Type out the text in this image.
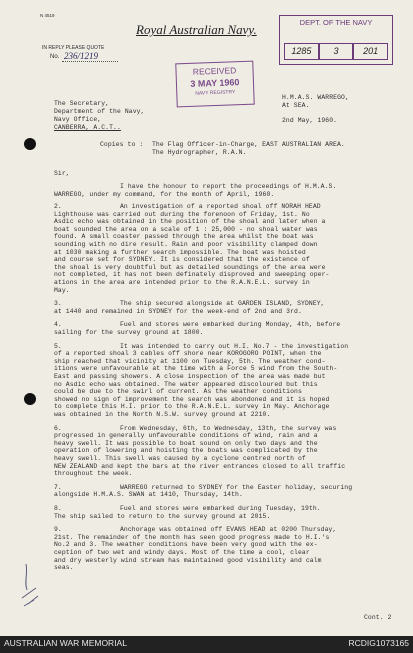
N 4519
Royal Australian Navy.
IN REPLY PLEASE QUOTE
No. 236/1219
DEPT. OF THE NAVY
1285	3	201
RECEIVED
3 MAY 1960
NAVY REGISTRY
H.M.A.S. WARREGO,
At SEA.
2nd May, 1960.
The Secretary,
Department of the Navy,
Navy Office,
CANBERRA, A.C.T..
Copies to : The Flag Officer-in-Charge, EAST AUSTRALIAN AREA.
The Hydrographer, R.A.N.
Sir,
I have the honour to report the proceedings of H.M.A.S.
WARREGO, under my command, for the month of April, 1960.
2.	An investigation of a reported shoal off NORAH HEAD
Lighthouse was carried out during the forenoon of Friday, 1st. No
Asdic echo was obtained in the position of the shoal and later when a
boat sounded the area on a scale of 1 : 25,000 - no shoal water was
found. A small coaster passed through the area whilst the boat was
sounding with no dire result. Rain and poor visibility clamped down
at 1030 making a further search impossible. The boat was hoisted
and course set for SYDNEY. It is considered that the existence of
the shoal is very doubtful but as detailed soundings of the area were
not completed, it has not been definately disproved and sweeping oper-
ations in the area are intended prior to the R.A.N.E.L. survey in
May.
3.	The ship secured alongside at GARDEN ISLAND, SYDNEY,
at 1440 and remained in SYDNEY for the week-end of 2nd and 3rd.
4.	Fuel and stores were embarked during Monday, 4th, before
sailing for the survey ground at 1800.
5.	It was intended to carry out H.I. No.7 - the investigation
of a reported shoal 3 cables off shore near KOROGORO POINT, when the
ship reached that vicinity at 1100 on Tuesday, 5th. The weather cond-
itions were unfavourable at the time with a Force 5 wind from the South-
East and passing showers. A close inspection of the area was made but
no Asdic echo was obtained. The water appeared discoloured but this
could be due to the swirl of current. As the weather conditions
showed no sign of improvement the search was abondoned and it is hoped
to complete this H.I. prior to the R.A.N.E.L. survey in May. Anchorage
was obtained in the North N.S.W. survey ground at 2210.
6.	From Wednesday, 6th, to Wednesday, 13th, the survey was
progressed in generally unfavourable conditions of wind, rain and a
heavy swell. It was possible to boat sound on only two days and the
operation of lowering and hoisting the boats was complicated by the
heavy swell. This swell was caused by a cyclone centred north of
NEW ZEALAND and kept the bars at the river entrances closed to all traffic
throughout the week.
7.	WARREGO returned to SYDNEY for the Easter holiday, securing
alongside H.M.A.S. SWAN at 1410, Thursday, 14th.
8.	Fuel and stores were embarked during Tuesday, 19th.
The ship sailed to return to the survey ground at 2015.
9.	Anchorage was obtained off EVANS HEAD at 0200 Thursday,
21st. The remainder of the month has seen good progress made to H.I.'s
No.2 and 3. The weather conditions have been very good with the ex-
ception of two wet and windy days. Most of the time a cool, clear
and dry westerly wind stream has maintained good visibility and calm
seas.
Cont. 2
AUSTRALIAN WAR MEMORIAL	RCDIG1073165
